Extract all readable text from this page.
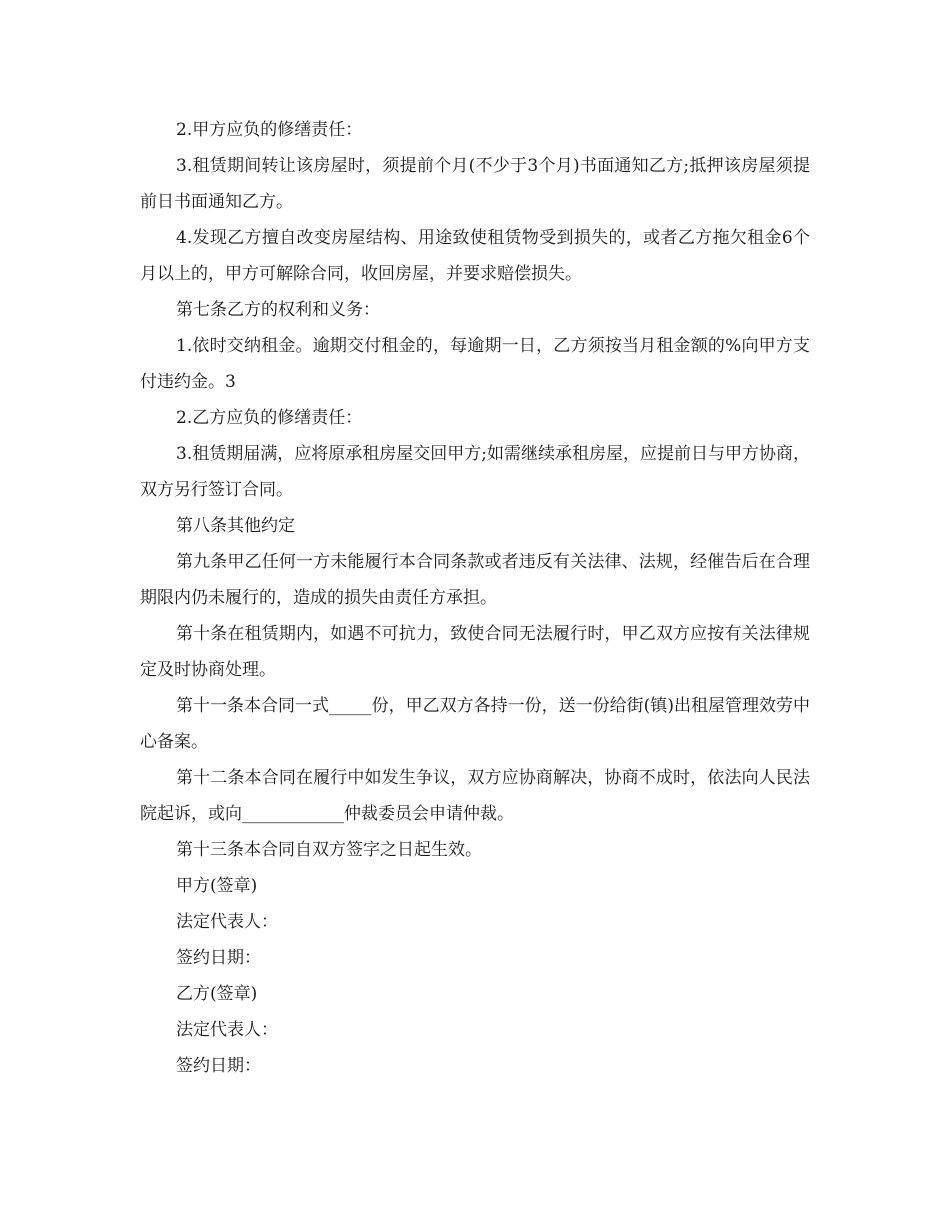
2.甲方应负的修缮责任：

3.租赁期间转让该房屋时，须提前个月(不少于3个月)书面通知乙方;抵押该房屋须提前日书面通知乙方。

4.发现乙方擅自改变房屋结构、用途致使租赁物受到损失的，或者乙方拖欠租金6个月以上的，甲方可解除合同，收回房屋，并要求赔偿损失。

第七条乙方的权利和义务：

1.依时交纳租金。逾期交付租金的，每逾期一日，乙方须按当月租金额的%向甲方支付违约金。3

2.乙方应负的修缮责任：

3.租赁期届满，应将原承租房屋交回甲方;如需继续承租房屋，应提前日与甲方协商，双方另行签订合同。

第八条其他约定

第九条甲乙任何一方未能履行本合同条款或者违反有关法律、法规，经催告后在合理期限内仍未履行的，造成的损失由责任方承担。

第十条在租赁期内，如遇不可抗力，致使合同无法履行时，甲乙双方应按有关法律规定及时协商处理。

第十一条本合同一式_____份，甲乙双方各持一份，送一份给街(镇)出租屋管理效劳中心备案。

第十二条本合同在履行中如发生争议，双方应协商解决，协商不成时，依法向人民法院起诉，或向____________仲裁委员会申请仲裁。

第十三条本合同自双方签字之日起生效。

甲方(签章)

法定代表人：

签约日期：

乙方(签章)

法定代表人：

签约日期：
